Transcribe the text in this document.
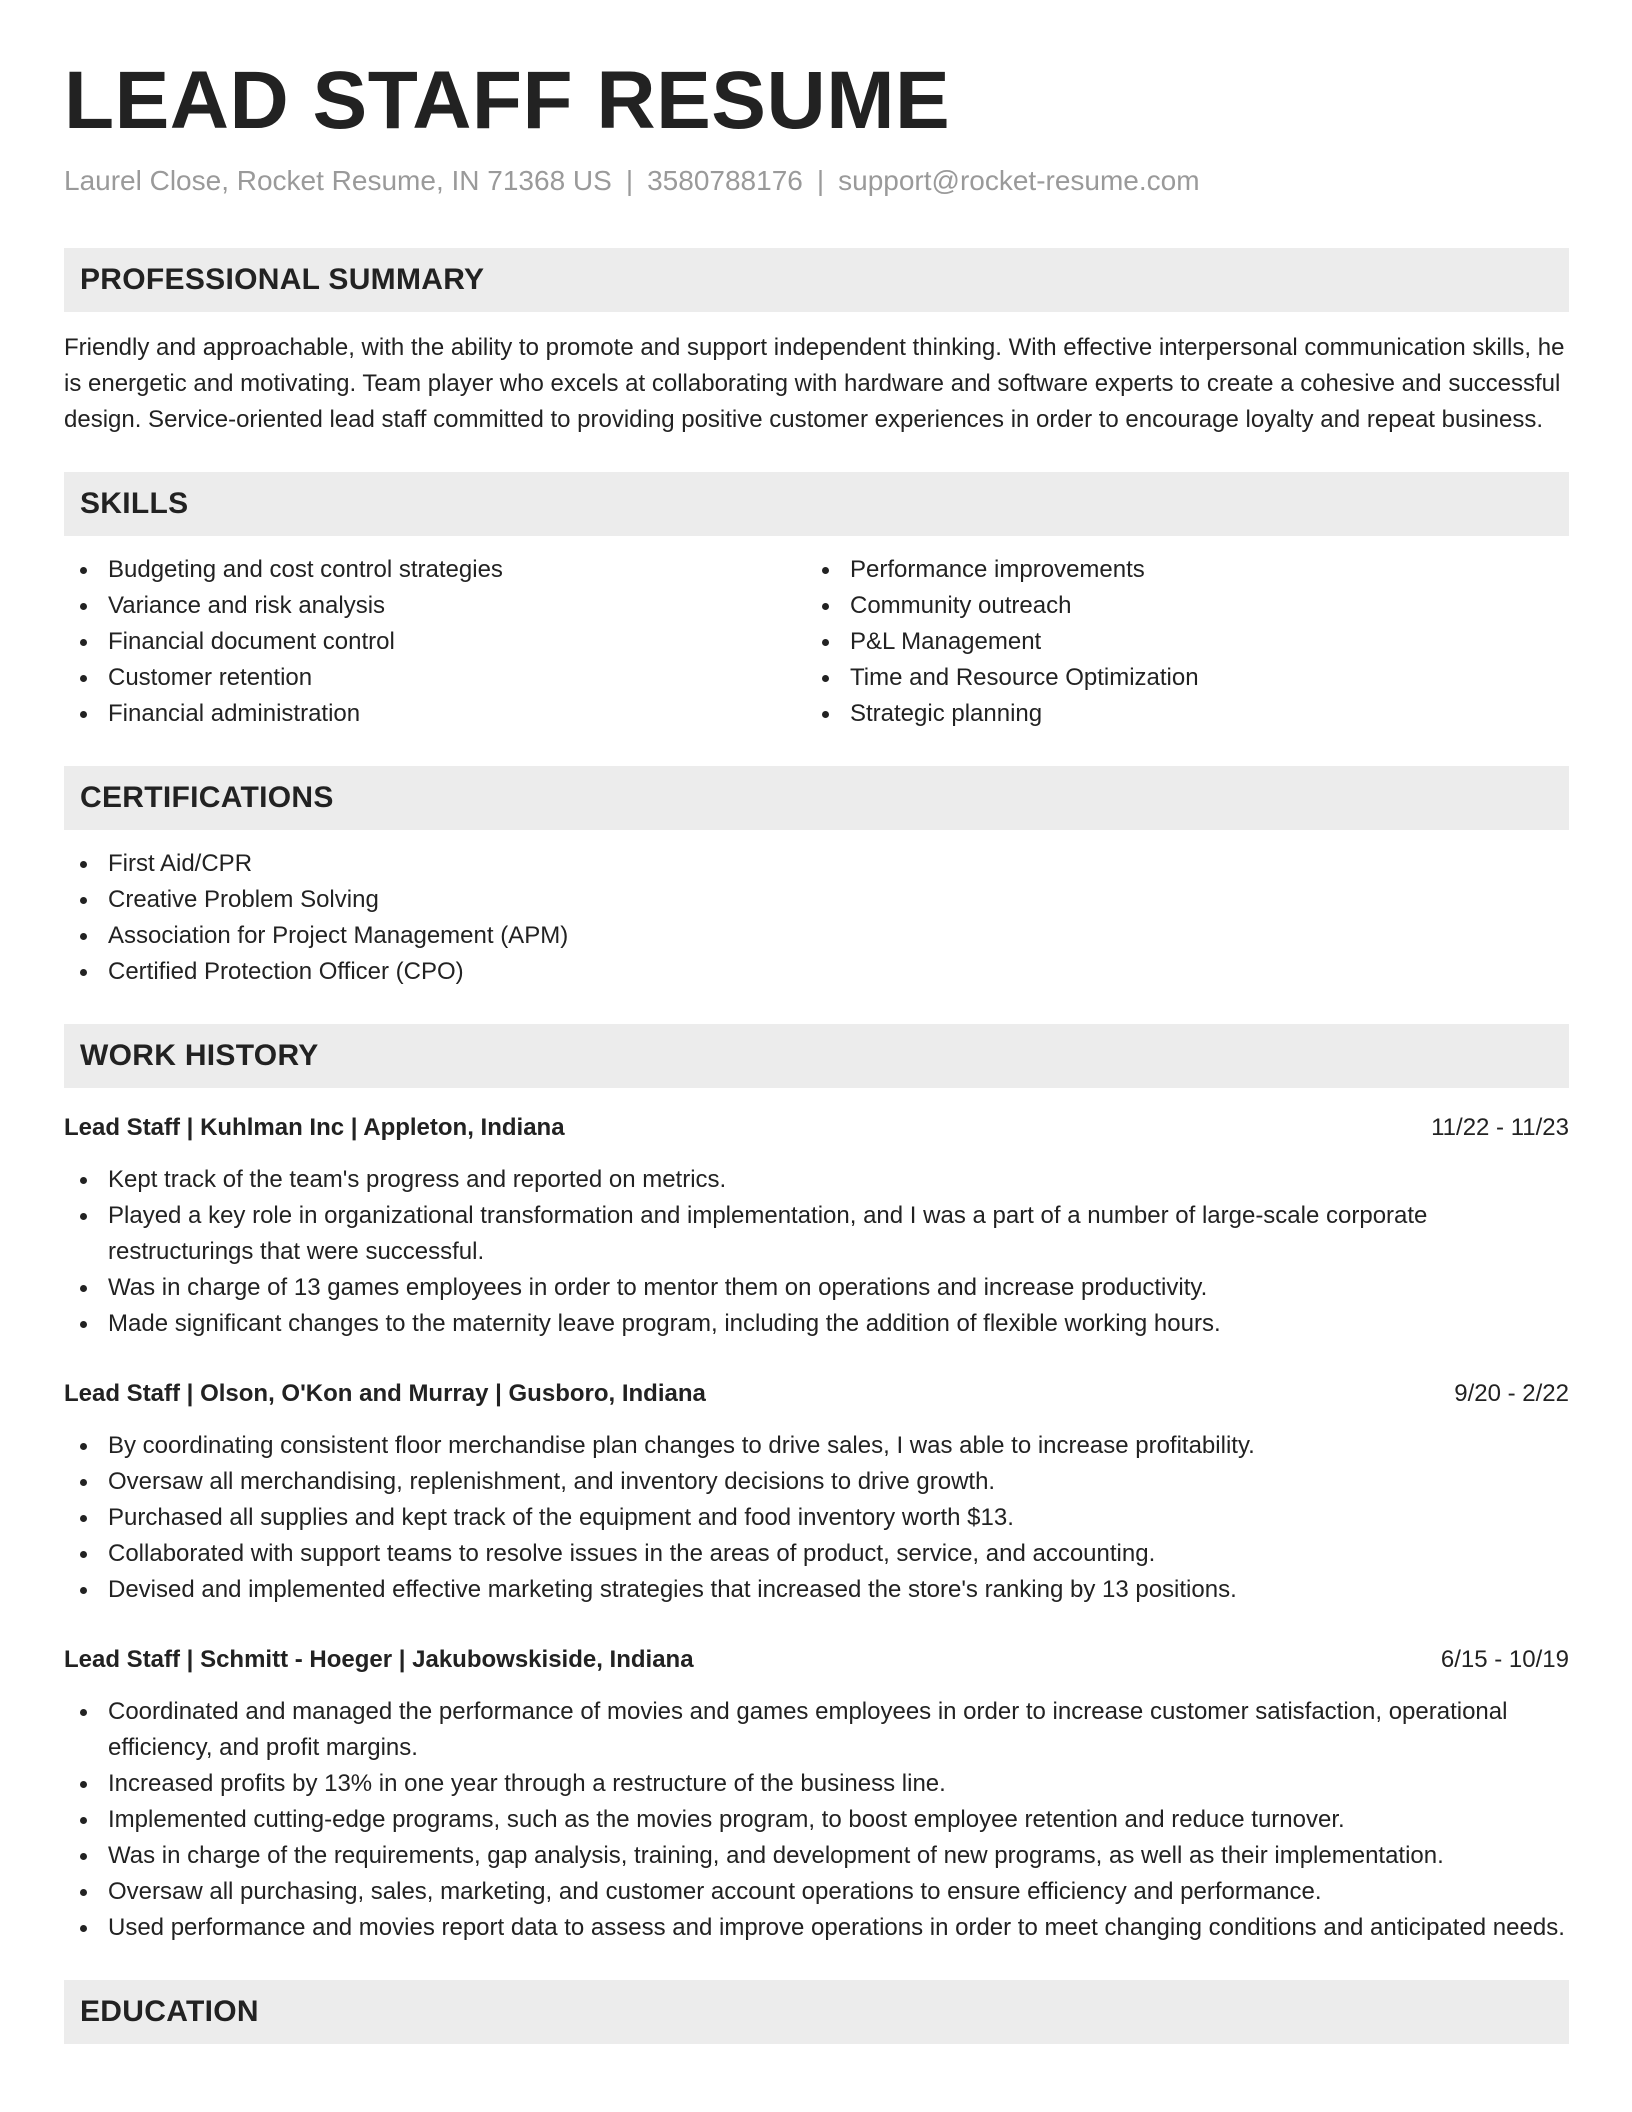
LEAD STAFF RESUME
Laurel Close, Rocket Resume, IN 71368 US | 3580788176 | support@rocket-resume.com
PROFESSIONAL SUMMARY

Friendly and approachable, with the ability to promote and support independent thinking. With effective interpersonal communication skills, he is energetic and motivating. Team player who excels at collaborating with hardware and software experts to create a cohesive and successful design. Service-oriented lead staff committed to providing positive customer experiences in order to encourage loyalty and repeat business.

SKILLS
Budgeting and cost control strategies
Variance and risk analysis
Financial document control
Customer retention
Financial administration
Performance improvements
Community outreach
P&L Management
Time and Resource Optimization
Strategic planning
CERTIFICATIONS
First Aid/CPR
Creative Problem Solving
Association for Project Management (APM)
Certified Protection Officer (CPO)
WORK HISTORY
Lead Staff | Kuhlman Inc | Appleton, Indiana	11/22 - 11/23
Kept track of the team's progress and reported on metrics.
Played a key role in organizational transformation and implementation, and I was a part of a number of large-scale corporate restructurings that were successful.
Was in charge of 13 games employees in order to mentor them on operations and increase productivity.
Made significant changes to the maternity leave program, including the addition of flexible working hours.
Lead Staff | Olson, O'Kon and Murray | Gusboro, Indiana	9/20 - 2/22
By coordinating consistent floor merchandise plan changes to drive sales, I was able to increase profitability.
Oversaw all merchandising, replenishment, and inventory decisions to drive growth.
Purchased all supplies and kept track of the equipment and food inventory worth $13.
Collaborated with support teams to resolve issues in the areas of product, service, and accounting.
Devised and implemented effective marketing strategies that increased the store's ranking by 13 positions.
Lead Staff | Schmitt - Hoeger | Jakubowskiside, Indiana	6/15 - 10/19
Coordinated and managed the performance of movies and games employees in order to increase customer satisfaction, operational efficiency, and profit margins.
Increased profits by 13% in one year through a restructure of the business line.
Implemented cutting-edge programs, such as the movies program, to boost employee retention and reduce turnover.
Was in charge of the requirements, gap analysis, training, and development of new programs, as well as their implementation.
Oversaw all purchasing, sales, marketing, and customer account operations to ensure efficiency and performance.
Used performance and movies report data to assess and improve operations in order to meet changing conditions and anticipated needs.
EDUCATION
